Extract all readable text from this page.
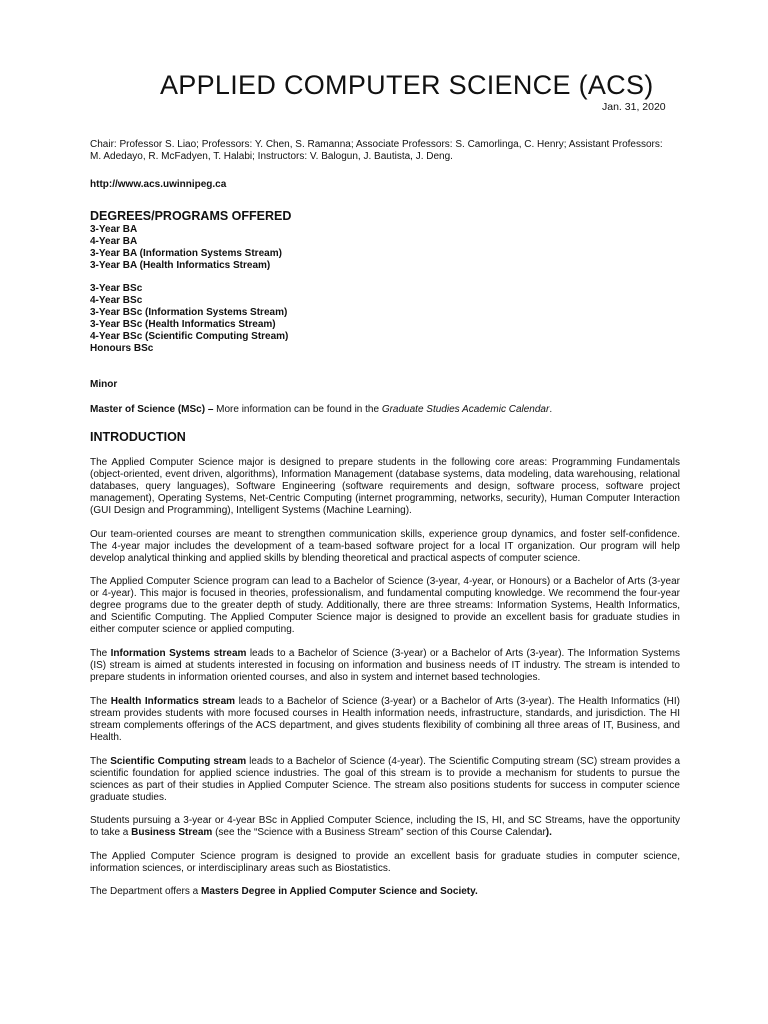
APPLIED COMPUTER SCIENCE (ACS)
Jan. 31, 2020
Chair: Professor S. Liao; Professors: Y. Chen, S. Ramanna; Associate Professors: S. Camorlinga, C. Henry; Assistant Professors:
M. Adedayo, R. McFadyen, T. Halabi; Instructors: V. Balogun, J. Bautista, J. Deng.
http://www.acs.uwinnipeg.ca
DEGREES/PROGRAMS OFFERED
3-Year BA
4-Year BA
3-Year BA (Information Systems Stream)
3-Year BA (Health Informatics Stream)
3-Year BSc
4-Year BSc
3-Year BSc (Information Systems Stream)
3-Year BSc (Health Informatics Stream)
4-Year BSc (Scientific Computing Stream)
Honours BSc
Minor

Master of Science (MSc) – More information can be found in the Graduate Studies Academic Calendar.

INTRODUCTION

The Applied Computer Science major is designed to prepare students in the following core areas: Programming Fundamentals (object-oriented, event driven, algorithms), Information Management (database systems, data modeling, data warehousing, relational databases, query languages), Software Engineering (software requirements and design, software process, software project management), Operating Systems, Net-Centric Computing (internet programming, networks, security), Human Computer Interaction (GUI Design and Programming), Intelligent Systems (Machine Learning).

Our team-oriented courses are meant to strengthen communication skills, experience group dynamics, and foster self-confidence. The 4-year major includes the development of a team-based software project for a local IT organization. Our program will help develop analytical thinking and applied skills by blending theoretical and practical aspects of computer science.

The Applied Computer Science program can lead to a Bachelor of Science (3-year, 4-year, or Honours) or a Bachelor of Arts (3-year or 4-year). This major is focused in theories, professionalism, and fundamental computing knowledge. We recommend the four-year degree programs due to the greater depth of study. Additionally, there are three streams: Information Systems, Health Informatics, and Scientific Computing. The Applied Computer Science major is designed to provide an excellent basis for graduate studies in either computer science or applied computing.

The Information Systems stream leads to a Bachelor of Science (3-year) or a Bachelor of Arts (3-year). The Information Systems (IS) stream is aimed at students interested in focusing on information and business needs of IT industry. The stream is intended to prepare students in information oriented courses, and also in system and internet based technologies.

The Health Informatics stream leads to a Bachelor of Science (3-year) or a Bachelor of Arts (3-year). The Health Informatics (HI) stream provides students with more focused courses in Health information needs, infrastructure, standards, and jurisdiction. The HI stream complements offerings of the ACS department, and gives students flexibility of combining all three areas of IT, Business, and Health.

The Scientific Computing stream leads to a Bachelor of Science (4-year). The Scientific Computing stream (SC) stream provides a scientific foundation for applied science industries. The goal of this stream is to provide a mechanism for students to pursue the sciences as part of their studies in Applied Computer Science. The stream also positions students for success in computer science graduate studies.

Students pursuing a 3-year or 4-year BSc in Applied Computer Science, including the IS, HI, and SC Streams, have the opportunity to take a Business Stream (see the “Science with a Business Stream” section of this Course Calendar).

The Applied Computer Science program is designed to provide an excellent basis for graduate studies in computer science, information sciences, or interdisciplinary areas such as Biostatistics.

The Department offers a Masters Degree in Applied Computer Science and Society.
